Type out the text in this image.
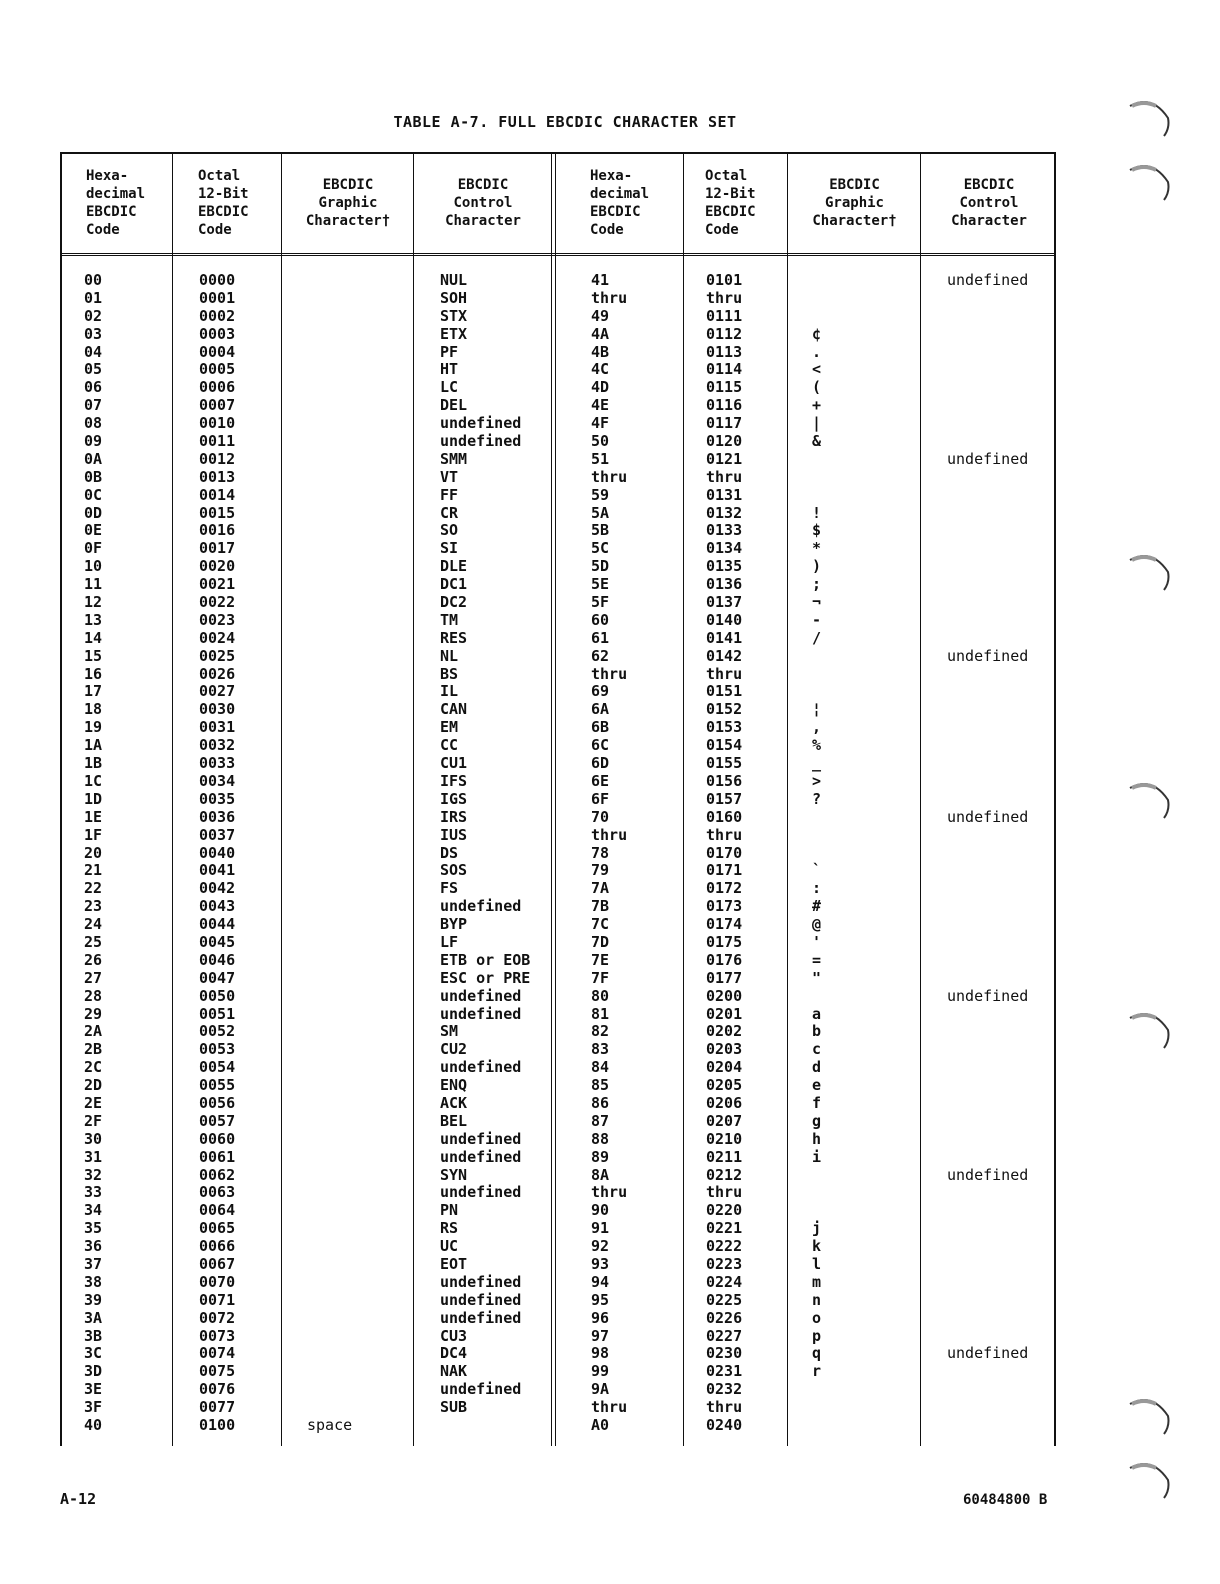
TABLE A-7. FULL EBCDIC CHARACTER SET
Hexa-
decimal
EBCDIC
Code
Octal
12-Bit
EBCDIC
Code
EBCDIC
Graphic
Character†
EBCDIC
Control
Character
Hexa-
decimal
EBCDIC
Code
Octal
12-Bit
EBCDIC
Code
EBCDIC
Graphic
Character†
EBCDIC
Control
Character
00
01
02
03
04
05
06
07
08
09
0A
0B
0C
0D
0E
0F
10
11
12
13
14
15
16
17
18
19
1A
1B
1C
1D
1E
1F
20
21
22
23
24
25
26
27
28
29
2A
2B
2C
2D
2E
2F
30
31
32
33
34
35
36
37
38
39
3A
3B
3C
3D
3E
3F
40
0000
0001
0002
0003
0004
0005
0006
0007
0010
0011
0012
0013
0014
0015
0016
0017
0020
0021
0022
0023
0024
0025
0026
0027
0030
0031
0032
0033
0034
0035
0036
0037
0040
0041
0042
0043
0044
0045
0046
0047
0050
0051
0052
0053
0054
0055
0056
0057
0060
0061
0062
0063
0064
0065
0066
0067
0070
0071
0072
0073
0074
0075
0076
0077
0100	space
NUL
SOH
STX
ETX
PF
HT
LC
DEL
undefined
undefined
SMM
VT
FF
CR
SO
SI
DLE
DC1
DC2
TM
RES
NL
BS
IL
CAN
EM
CC
CU1
IFS
IGS
IRS
IUS
DS
SOS
FS
undefined
BYP
LF
ETB or EOB
ESC or PRE
undefined
undefined
SM
CU2
undefined
ENQ
ACK
BEL
undefined
undefined
SYN
undefined
PN
RS
UC
EOT
undefined
undefined
undefined
CU3
DC4
NAK
undefined
SUB
41
thru
49
4A
4B
4C
4D
4E
4F
50
51
thru
59
5A
5B
5C
5D
5E
5F
60
61
62
thru
69
6A
6B
6C
6D
6E
6F
70
thru
78
79
7A
7B
7C
7D
7E
7F
80
81
82
83
84
85
86
87
88
89
8A
thru
90
91
92
93
94
95
96
97
98
99
9A
thru
A0
0101
thru
0111
0112
0113
0114
0115
0116
0117
0120
0121
thru
0131
0132
0133
0134
0135
0136
0137
0140
0141
0142
thru
0151
0152
0153
0154
0155
0156
0157
0160
thru
0170
0171
0172
0173
0174
0175
0176
0177
0200
0201
0202
0203
0204
0205
0206
0207
0210
0211
0212
thru
0220
0221
0222
0223
0224
0225
0226
0227
0230
0231
0232
thru
0240
¢
.
<
(
+
|
&
!
$
*
)
;
¬
-
/
¦
,
%
_
>
?
`
:
#
@
'
=
"
a
b
c
d
e
f
g
h
i
j
k
l
m
n
o
p
q
r
undefined
undefined
undefined
undefined
undefined
undefined
undefined
A-12	60484800 B
